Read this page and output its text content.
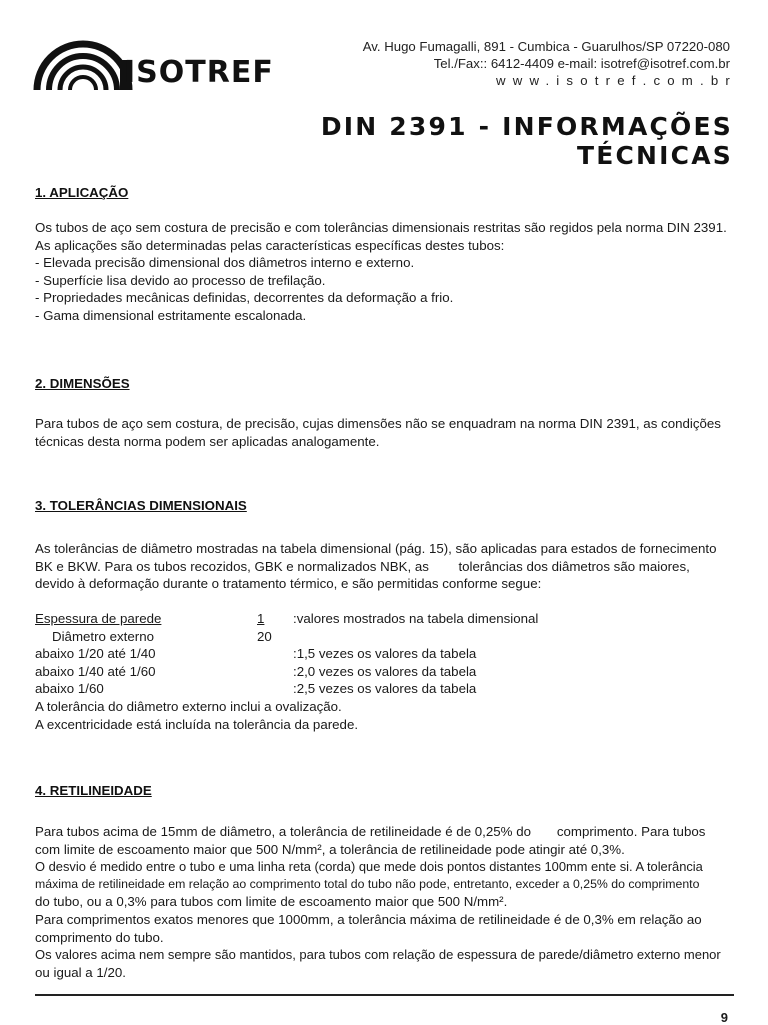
ISOTREF
Av. Hugo Fumagalli, 891 - Cumbica - Guarulhos/SP 07220-080
Tel./Fax:: 6412-4409 e-mail: isotref@isotref.com.br
www.isotref.com.br
DIN 2391 - INFORMAÇÕES TÉCNICAS
1. APLICAÇÃO
Os tubos de aço sem costura de precisão e com tolerâncias dimensionais restritas são regidos pela norma DIN 2391.
As aplicações são determinadas pelas características específicas destes tubos:
- Elevada precisão dimensional dos diâmetros interno e externo.
- Superfície lisa devido ao processo de trefilação.
- Propriedades mecânicas definidas, decorrentes da deformação a frio.
- Gama dimensional estritamente escalonada.
2. DIMENSÕES
Para tubos de aço sem costura, de precisão, cujas dimensões não se enquadram na norma DIN 2391, as condições
técnicas desta norma podem ser aplicadas analogamente.
3. TOLERÂNCIAS DIMENSIONAIS
As tolerâncias de diâmetro mostradas na tabela dimensional (pág. 15), são aplicadas para estados de fornecimento
BK e BKW. Para os tubos recozidos, GBK e normalizados NBK, as        tolerâncias dos diâmetros são maiores,
devido à deformação durante o tratamento térmico, e são permitidas conforme segue:
Espessura de parede	1	:valores mostrados na tabela dimensional
Diâmetro externo	20
abaixo 1/20 até 1/40	:1,5 vezes os valores da tabela
abaixo 1/40 até 1/60	:2,0 vezes os valores da tabela
abaixo 1/60	:2,5 vezes os valores da tabela
A tolerância do diâmetro externo inclui a ovalização.
A excentricidade está incluída na tolerância da parede.
4. RETILINEIDADE
Para tubos acima de 15mm de diâmetro, a tolerância de retilineidade é de 0,25% do       comprimento. Para tubos
com limite de escoamento maior que 500 N/mm², a tolerância de retilineidade pode atingir até 0,3%.
O desvio é medido entre o tubo e uma linha reta (corda) que mede dois pontos distantes 100mm ente si. A tolerância
máxima de retilineidade em relação ao comprimento total do tubo não pode, entretanto, exceder a 0,25% do comprimento
do tubo, ou a 0,3% para tubos com limite de escoamento maior que 500 N/mm².
Para comprimentos exatos menores que 1000mm, a tolerância máxima de retilineidade é de 0,3% em relação ao
comprimento do tubo.
Os valores acima nem sempre são mantidos, para tubos com relação de espessura de parede/diâmetro externo menor
ou igual a 1/20.
9
